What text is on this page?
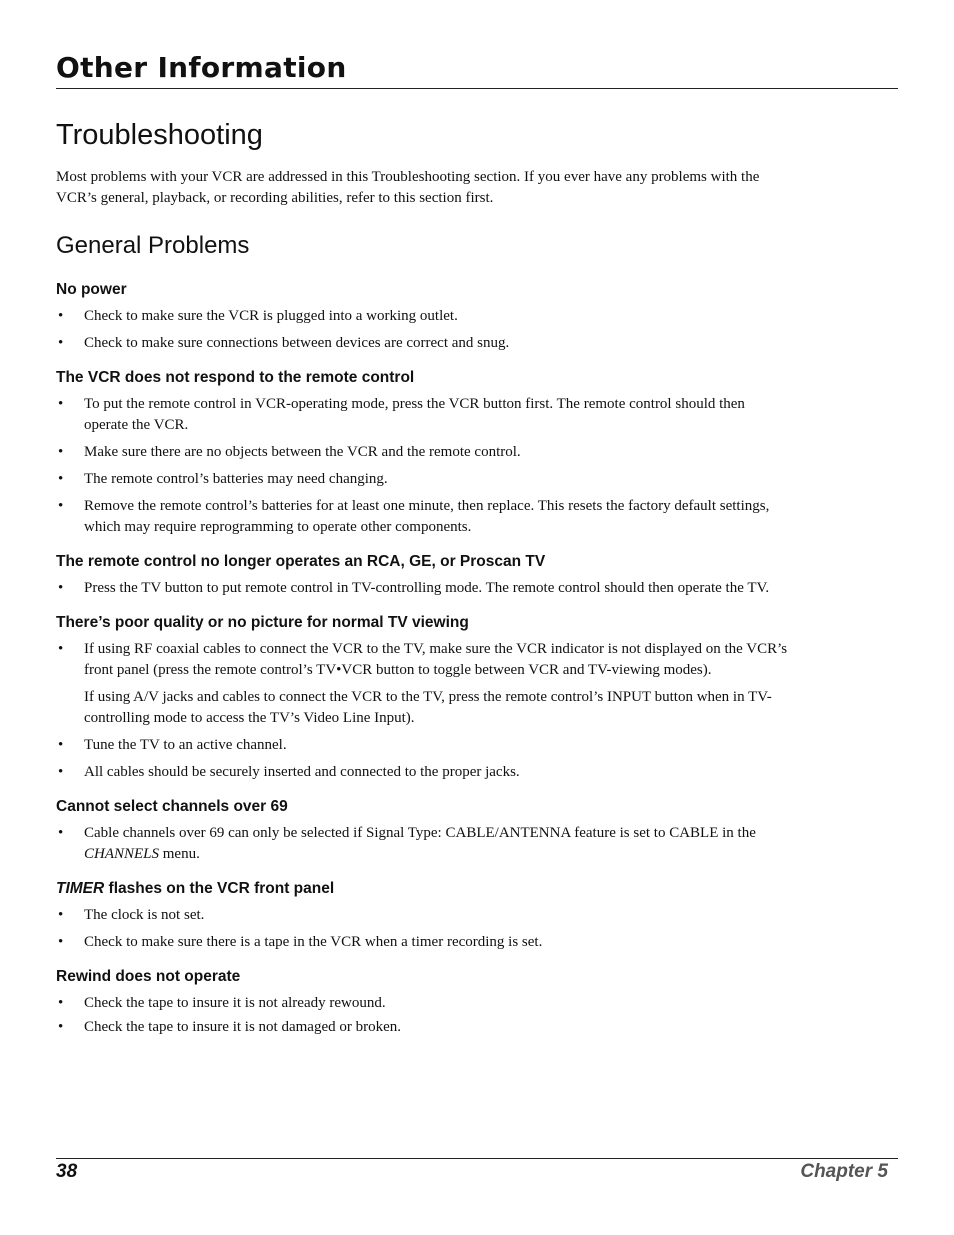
Other Information
Troubleshooting

Most problems with your VCR are addressed in this Troubleshooting section. If you ever have any problems with the VCR’s general, playback, or recording abilities, refer to this section first.

General Problems
No power
• Check to make sure the VCR is plugged into a working outlet.
• Check to make sure connections between devices are correct and snug.
The VCR does not respond to the remote control
• To put the remote control in VCR-operating mode, press the VCR button first. The remote control should then operate the VCR.
• Make sure there are no objects between the VCR and the remote control.
• The remote control’s batteries may need changing.
• Remove the remote control’s batteries for at least one minute, then replace. This resets the factory default settings, which may require reprogramming to operate other components.
The remote control no longer operates an RCA, GE, or Proscan TV
• Press the TV button to put remote control in TV-controlling mode. The remote control should then operate the TV.
There’s poor quality or no picture for normal TV viewing
• If using RF coaxial cables to connect the VCR to the TV, make sure the VCR indicator is not displayed on the VCR’s front panel (press the remote control’s TV•VCR button to toggle between VCR and TV-viewing modes).

If using A/V jacks and cables to connect the VCR to the TV, press the remote control’s INPUT button when in TV-controlling mode to access the TV’s Video Line Input).

• Tune the TV to an active channel.
• All cables should be securely inserted and connected to the proper jacks.
Cannot select channels over 69
• Cable channels over 69 can only be selected if Signal Type: CABLE/ANTENNA feature is set to CABLE in the CHANNELS menu.
TIMER flashes on the VCR front panel
• The clock is not set.
• Check to make sure there is a tape in the VCR when a timer recording is set.
Rewind does not operate
• Check the tape to insure it is not already rewound.
• Check the tape to insure it is not damaged or broken.
38	Chapter 5
